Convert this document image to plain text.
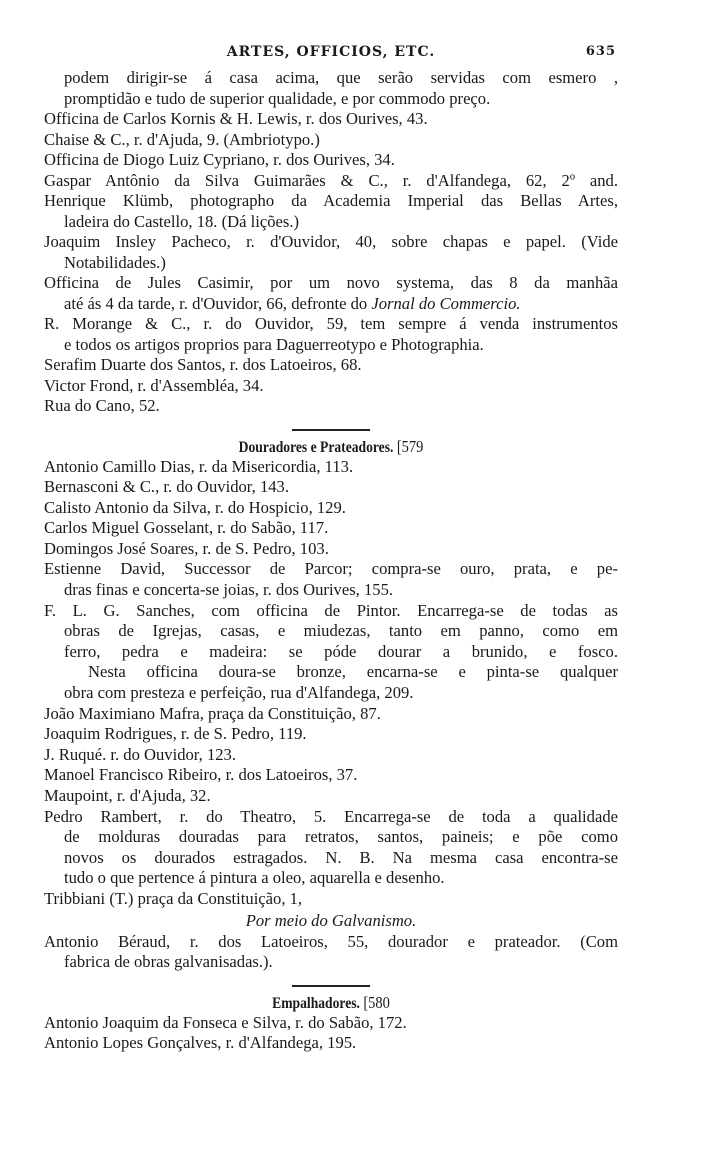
ARTES, OFFICIOS, ETC.	635
podem dirigir-se á casa acima, que serão servidas com esmero ,
promptidão e tudo de superior qualidade, e por commodo preço.
Officina de Carlos Kornis & H. Lewis, r. dos Ourives, 43.
Chaise & C., r. d'Ajuda, 9. (Ambriotypo.)
Officina de Diogo Luiz Cypriano, r. dos Ourives, 34.
Gaspar Antônio da Silva Guimarães & C., r. d'Alfandega, 62, 2º and.
Henrique Klümb, photographo da Academia Imperial das Bellas Artes,
ladeira do Castello, 18. (Dá lições.)
Joaquim Insley Pacheco, r. d'Ouvidor, 40, sobre chapas e papel. (Vide
Notabilidades.)
Officina de Jules Casimir, por um novo systema, das 8 da manhãa
até ás 4 da tarde, r. d'Ouvidor, 66, defronte do Jornal do Commercio.
R. Morange & C., r. do Ouvidor, 59, tem sempre á venda instrumentos
e todos os artigos proprios para Daguerreotypo e Photographia.
Serafim Duarte dos Santos, r. dos Latoeiros, 68.
Victor Frond, r. d'Assembléa, 34.
Rua do Cano, 52.
Douradores e Prateadores. [579
Antonio Camillo Dias, r. da Misericordia, 113.
Bernasconi & C., r. do Ouvidor, 143.
Calisto Antonio da Silva, r. do Hospicio, 129.
Carlos Miguel Gosselant, r. do Sabão, 117.
Domingos José Soares, r. de S. Pedro, 103.
Estienne David, Successor de Parcor; compra-se ouro, prata, e pe-
dras finas e concerta-se joias, r. dos Ourives, 155.
F. L. G. Sanches, com officina de Pintor. Encarrega-se de todas as
obras de Igrejas, casas, e miudezas, tanto em panno, como em
ferro, pedra e madeira: se póde dourar a brunido, e fosco.
Nesta officina doura-se bronze, encarna-se e pinta-se qualquer
obra com presteza e perfeição, rua d'Alfandega, 209.
João Maximiano Mafra, praça da Constituição, 87.
Joaquim Rodrigues, r. de S. Pedro, 119.
J. Ruqué. r. do Ouvidor, 123.
Manoel Francisco Ribeiro, r. dos Latoeiros, 37.
Maupoint, r. d'Ajuda, 32.
Pedro Rambert, r. do Theatro, 5. Encarrega-se de toda a qualidade
de molduras douradas para retratos, santos, paineis; e põe como
novos os dourados estragados. N. B. Na mesma casa encontra-se
tudo o que pertence á pintura a oleo, aquarella e desenho.
Tribbiani (T.) praça da Constituição, 1,
Por meio do Galvanismo.
Antonio Béraud, r. dos Latoeiros, 55, dourador e prateador. (Com
fabrica de obras galvanisadas.).
Empalhadores. [580
Antonio Joaquim da Fonseca e Silva, r. do Sabão, 172.
Antonio Lopes Gonçalves, r. d'Alfandega, 195.
